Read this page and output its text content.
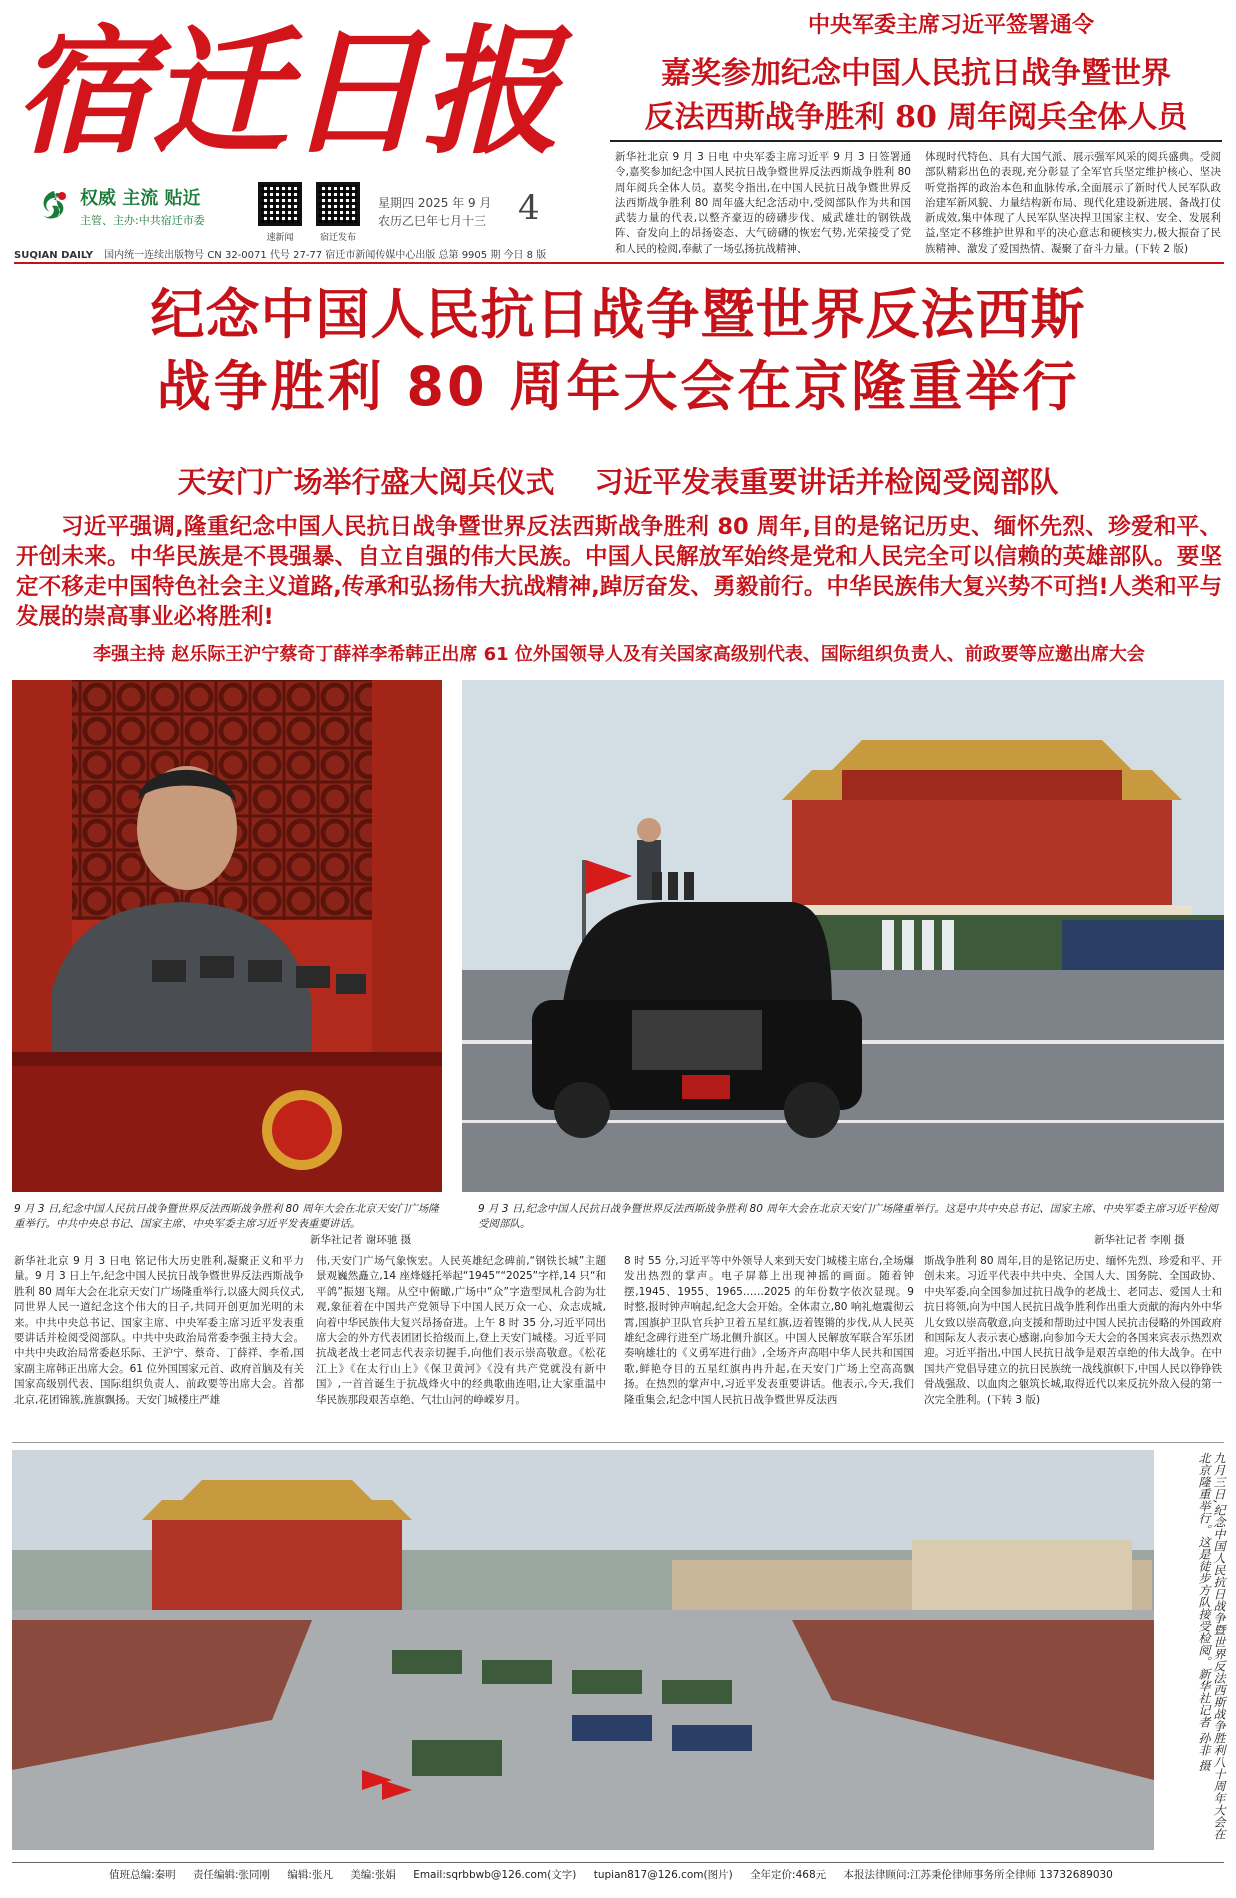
宿迁日报
权威 主流 贴近
主管、主办:中共宿迁市委
速新闻	宿迁发布
星期四 2025 年 9 月
农历乙巳年七月十三 4
SUQIAN DAILY 国内统一连续出版物号 CN 32-0071 代号 27-77 宿迁市新闻传媒中心出版 总第 9905 期 今日 8 版
中央军委主席习近平签署通令
嘉奖参加纪念中国人民抗日战争暨世界
反法西斯战争胜利 80 周年阅兵全体人员
新华社北京 9 月 3 日电 中央军委主席习近平 9 月 3 日签署通令,嘉奖参加纪念中国人民抗日战争暨世界反法西斯战争胜利 80 周年阅兵全体人员。嘉奖令指出,在中国人民抗日战争暨世界反法西斯战争胜利 80 周年盛大纪念活动中,受阅部队作为共和国武装力量的代表,以整齐豪迈的磅礴步伐、威武雄壮的钢铁战阵、奋发向上的昂扬姿态、大气磅礴的恢宏气势,光荣接受了党和人民的检阅,奉献了一场弘扬抗战精神、
体现时代特色、具有大国气派、展示强军风采的阅兵盛典。受阅部队精彩出色的表现,充分彰显了全军官兵坚定维护核心、坚决听党指挥的政治本色和血脉传承,全面展示了新时代人民军队政治建军新风貌、力量结构新布局、现代化建设新进展、备战打仗新成效,集中体现了人民军队坚决捍卫国家主权、安全、发展利益,坚定不移维护世界和平的决心意志和硬核实力,极大振奋了民族精神、激发了爱国热情、凝聚了奋斗力量。(下转 2 版)
纪念中国人民抗日战争暨世界反法西斯
战争胜利 80 周年大会在京隆重举行
天安门广场举行盛大阅兵仪式 习近平发表重要讲话并检阅受阅部队
习近平强调,隆重纪念中国人民抗日战争暨世界反法西斯战争胜利 80 周年,目的是铭记历史、缅怀先烈、珍爱和平、开创未来。中华民族是不畏强暴、自立自强的伟大民族。中国人民解放军始终是党和人民完全可以信赖的英雄部队。要坚定不移走中国特色社会主义道路,传承和弘扬伟大抗战精神,踔厉奋发、勇毅前行。中华民族伟大复兴势不可挡!人类和平与发展的崇高事业必将胜利!
李强主持 赵乐际王沪宁蔡奇丁薛祥李希韩正出席 61 位外国领导人及有关国家高级别代表、国际组织负责人、前政要等应邀出席大会
9 月 3 日,纪念中国人民抗日战争暨世界反法西斯战争胜利 80 周年大会在北京天安门广场隆重举行。中共中央总书记、国家主席、中央军委主席习近平发表重要讲话。
新华社记者 谢环驰 摄
9 月 3 日,纪念中国人民抗日战争暨世界反法西斯战争胜利 80 周年大会在北京天安门广场隆重举行。这是中共中央总书记、国家主席、中央军委主席习近平检阅受阅部队。
新华社记者 李刚 摄
新华社北京 9 月 3 日电 铭记伟大历史胜利,凝聚正义和平力量。9 月 3 日上午,纪念中国人民抗日战争暨世界反法西斯战争胜利 80 周年大会在北京天安门广场隆重举行,以盛大阅兵仪式,同世界人民一道纪念这个伟大的日子,共同开创更加光明的未来。中共中央总书记、国家主席、中央军委主席习近平发表重要讲话并检阅受阅部队。中共中央政治局常委李强主持大会。中共中央政治局常委赵乐际、王沪宁、蔡奇、丁薛祥、李希,国家副主席韩正出席大会。61 位外国国家元首、政府首脑及有关国家高级别代表、国际组织负责人、前政要等出席大会。首都北京,花团锦簇,旌旗飘扬。天安门城楼庄严雄
伟,天安门广场气象恢宏。人民英雄纪念碑前,“钢铁长城”主题景观巍然矗立,14 座烽燧托举起“1945”“2025”字样,14 只“和平鸽”振翅飞翔。从空中俯瞰,广场中“众”字造型凤札合韵为壮观,象征着在中国共产党领导下中国人民万众一心、众志成城,向着中华民族伟大复兴昂扬奋进。上午 8 时 35 分,习近平同出席大会的外方代表团团长拾级而上,登上天安门城楼。习近平同抗战老战士老同志代表亲切握手,向他们表示崇高敬意。《松花江上》《在太行山上》《保卫黄河》《没有共产党就没有新中国》,一首首诞生于抗战烽火中的经典歌曲连唱,让大家重温中华民族那段艰苦卓绝、气壮山河的峥嵘岁月。
8 时 55 分,习近平等中外领导人来到天安门城楼主席台,全场爆发出热烈的掌声。电子屏幕上出现神摇的画面。随着钟摆,1945、1955、1965……2025 的年份数字依次显现。9 时整,报时钟声响起,纪念大会开始。全体肃立,80 响礼炮震彻云霄,国旗护卫队官兵护卫着五星红旗,迈着铿锵的步伐,从人民英雄纪念碑行进至广场北侧升旗区。中国人民解放军联合军乐团奏响雄壮的《义勇军进行曲》,全场齐声高唱中华人民共和国国歌,鲜艳夺目的五星红旗冉冉升起,在天安门广场上空高高飘扬。在热烈的掌声中,习近平发表重要讲话。他表示,今天,我们隆重集会,纪念中国人民抗日战争暨世界反法西
斯战争胜利 80 周年,目的是铭记历史、缅怀先烈、珍爱和平、开创未来。习近平代表中共中央、全国人大、国务院、全国政协、中央军委,向全国参加过抗日战争的老战士、老同志、爱国人士和抗日将领,向为中国人民抗日战争胜利作出重大贡献的海内外中华儿女致以崇高敬意,向支援和帮助过中国人民抗击侵略的外国政府和国际友人表示衷心感谢,向参加今天大会的各国来宾表示热烈欢迎。习近平指出,中国人民抗日战争是艰苦卓绝的伟大战争。在中国共产党倡导建立的抗日民族统一战线旗帜下,中国人民以铮铮铁骨战强敌、以血肉之躯筑长城,取得近代以来反抗外敌入侵的第一次完全胜利。(下转 3 版)
九月三日,纪念中国人民抗日战争暨世界反法西斯战争胜利八十周年大会在北京隆重举行。这是徒步方队接受检阅。新华社记者 孙非 摄
值班总编:秦明 责任编辑:张同刚 编辑:张凡 美编:张娟 Email:sqrbbwb@126.com(文字) tupian817@126.com(图片) 全年定价:468元 本报法律顾问:江苏秉伦律师事务所全律师 13732689030
